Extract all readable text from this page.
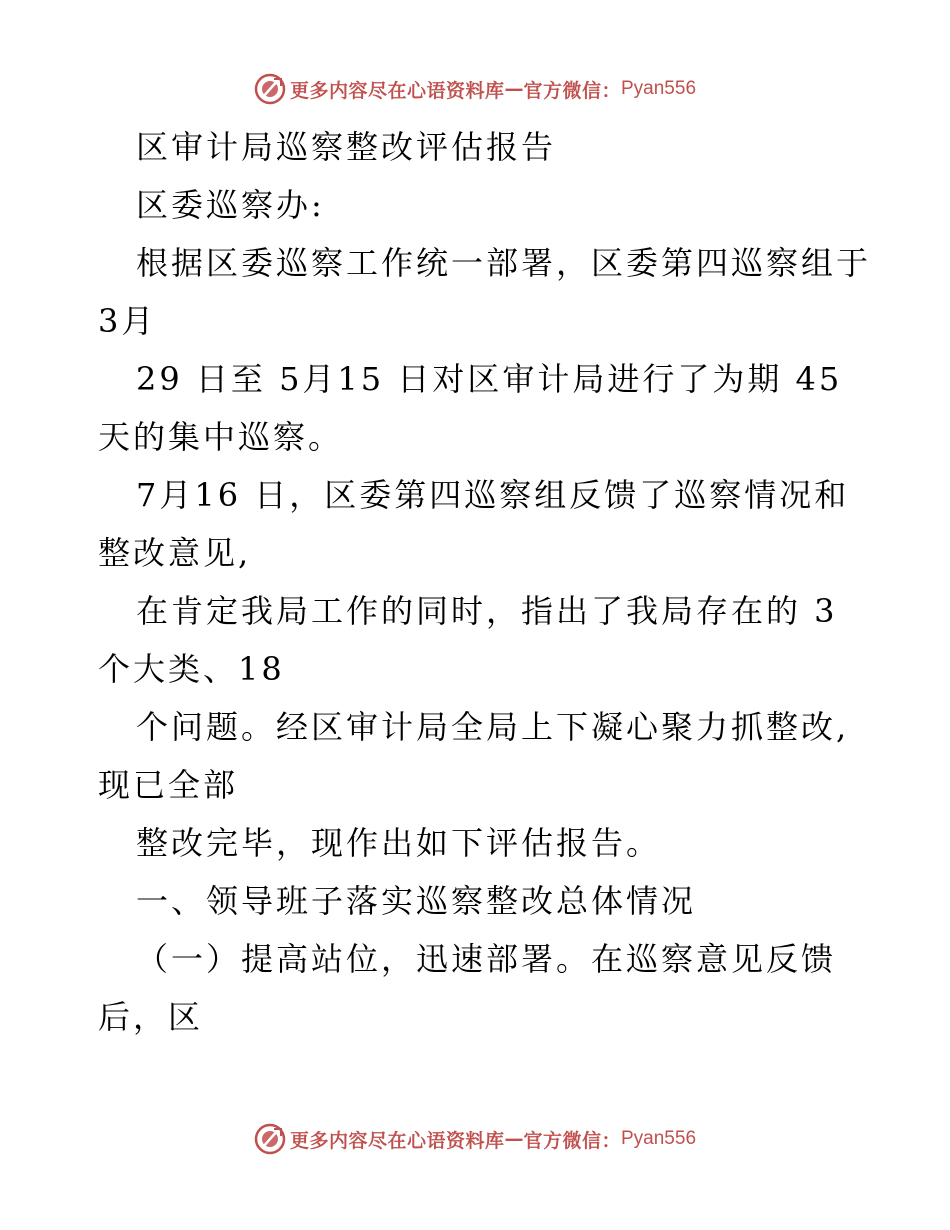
更多内容尽在心语资料库 — 官方微信： Pyan556
区审计局巡察整改评估报告
区委巡察办:
根据区委巡察工作统一部署，区委第四巡察组于
3月
29 日至 5月15 日对区审计局进行了为期 45
天的集中巡察。
7月16 日，区委第四巡察组反馈了巡察情况和
整改意见,
在肯定我局工作的同时，指出了我局存在的 3
个大类、18
个问题。经区审计局全局上下凝心聚力抓整改,
现已全部
整改完毕，现作出如下评估报告。
一、领导班子落实巡察整改总体情况
（一）提高站位，迅速部署。在巡察意见反馈
后，区
更多内容尽在心语资料库 — 官方微信： Pyan556
